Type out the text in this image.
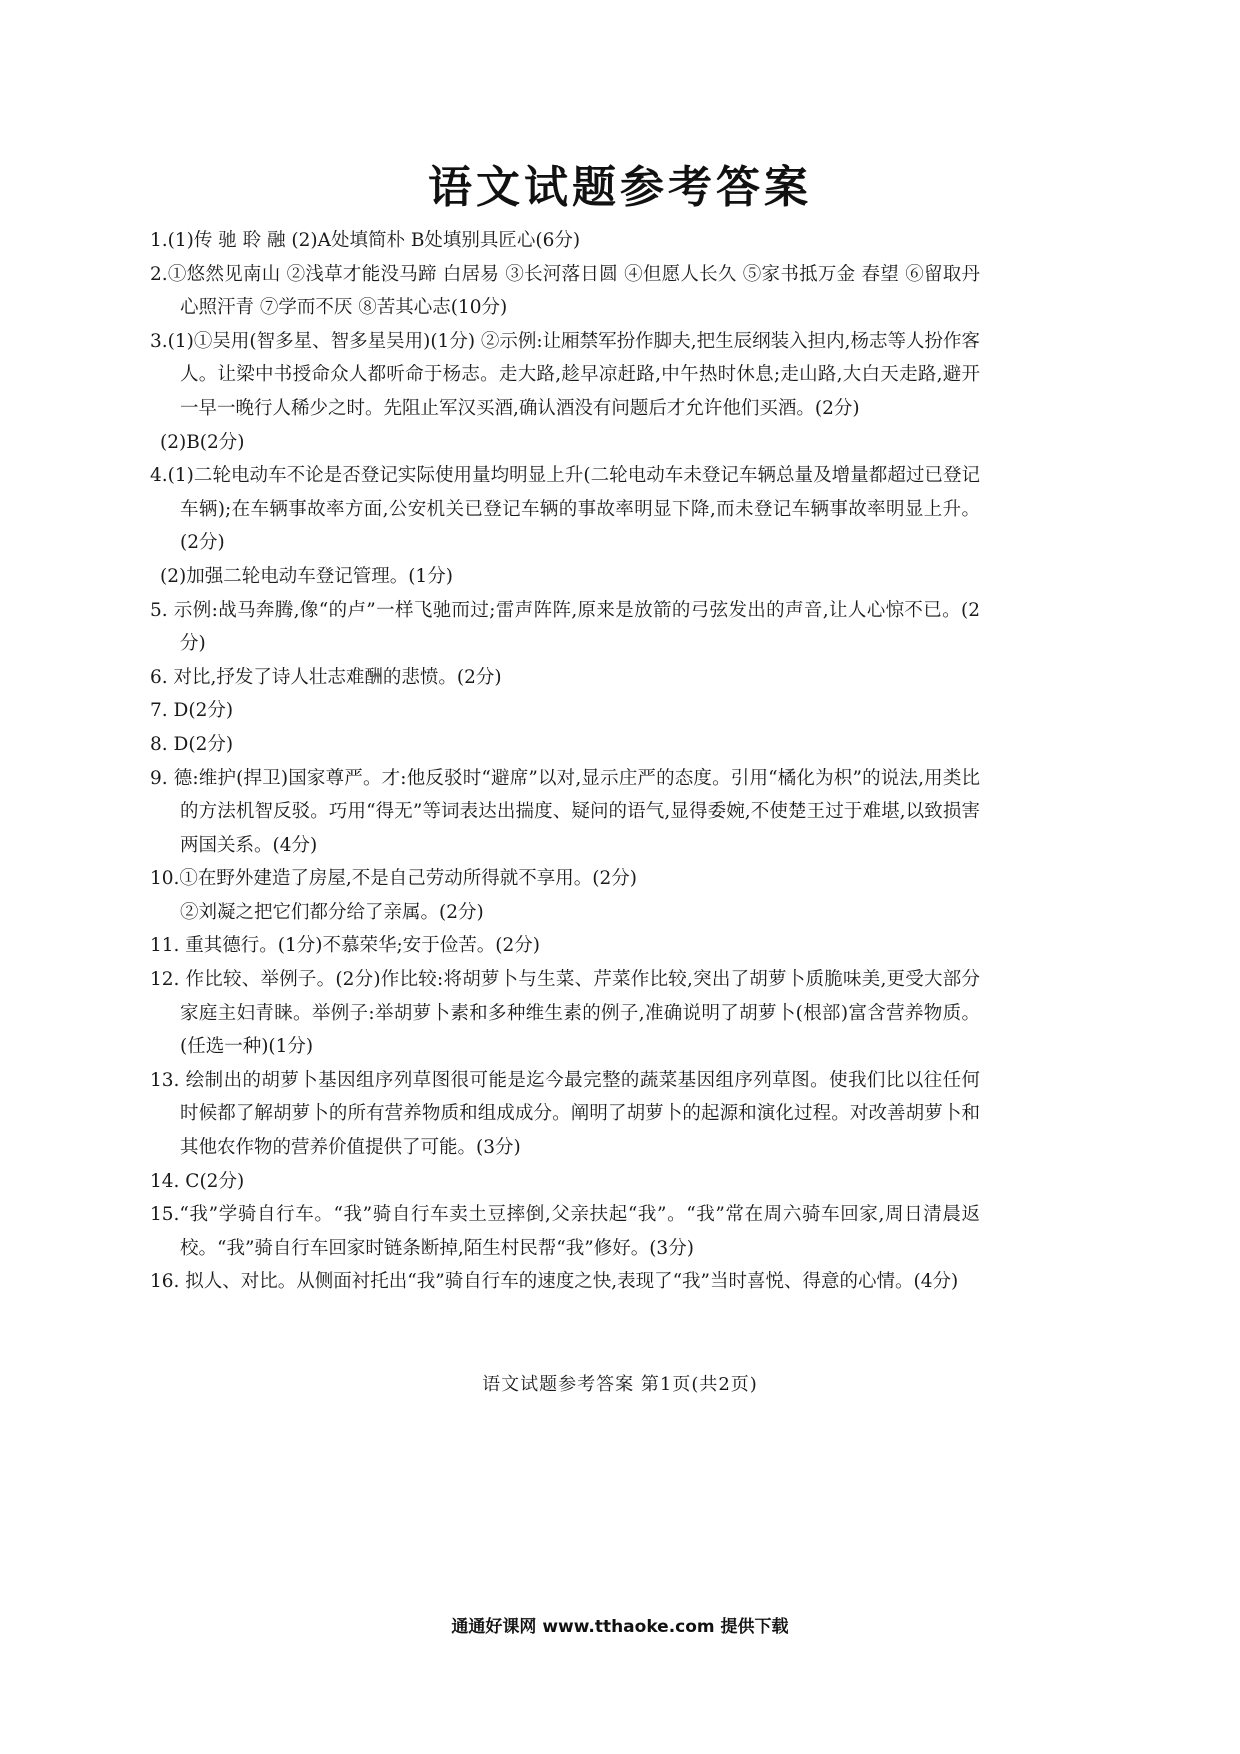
语文试题参考答案
1.(1)传 驰 聆 融 (2)A处填简朴 B处填别具匠心(6分)
2.①悠然见南山 ②浅草才能没马蹄 白居易 ③长河落日圆 ④但愿人长久 ⑤家书抵万金 春望 ⑥留取丹心照汗青 ⑦学而不厌 ⑧苦其心志(10分)
3.(1)①吴用(智多星、智多星吴用)(1分) ②示例:让厢禁军扮作脚夫,把生辰纲装入担内,杨志等人扮作客人。让梁中书授命众人都听命于杨志。走大路,趁早凉赶路,中午热时休息;走山路,大白天走路,避开一早一晚行人稀少之时。先阻止军汉买酒,确认酒没有问题后才允许他们买酒。(2分)
(2)B(2分)
4.(1)二轮电动车不论是否登记实际使用量均明显上升(二轮电动车未登记车辆总量及增量都超过已登记车辆);在车辆事故率方面,公安机关已登记车辆的事故率明显下降,而未登记车辆事故率明显上升。(2分)
(2)加强二轮电动车登记管理。(1分)
5. 示例:战马奔腾,像“的卢”一样飞驰而过;雷声阵阵,原来是放箭的弓弦发出的声音,让人心惊不已。(2分)
6. 对比,抒发了诗人壮志难酬的悲愤。(2分)
7. D(2分)
8. D(2分)
9. 德:维护(捍卫)国家尊严。才:他反驳时“避席”以对,显示庄严的态度。引用“橘化为枳”的说法,用类比的方法机智反驳。巧用“得无”等词表达出揣度、疑问的语气,显得委婉,不使楚王过于难堪,以致损害两国关系。(4分)
10.①在野外建造了房屋,不是自己劳动所得就不享用。(2分)
②刘凝之把它们都分给了亲属。(2分)
11. 重其德行。(1分)不慕荣华;安于俭苦。(2分)
12. 作比较、举例子。(2分)作比较:将胡萝卜与生菜、芹菜作比较,突出了胡萝卜质脆味美,更受大部分家庭主妇青睐。举例子:举胡萝卜素和多种维生素的例子,准确说明了胡萝卜(根部)富含营养物质。(任选一种)(1分)
13. 绘制出的胡萝卜基因组序列草图很可能是迄今最完整的蔬菜基因组序列草图。使我们比以往任何时候都了解胡萝卜的所有营养物质和组成成分。阐明了胡萝卜的起源和演化过程。对改善胡萝卜和其他农作物的营养价值提供了可能。(3分)
14. C(2分)
15.“我”学骑自行车。“我”骑自行车卖土豆摔倒,父亲扶起“我”。“我”常在周六骑车回家,周日清晨返校。“我”骑自行车回家时链条断掉,陌生村民帮“我”修好。(3分)
16. 拟人、对比。从侧面衬托出“我”骑自行车的速度之快,表现了“我”当时喜悦、得意的心情。(4分)
语文试题参考答案 第1页(共2页)
通通好课网 www.tthaoke.com 提供下载
